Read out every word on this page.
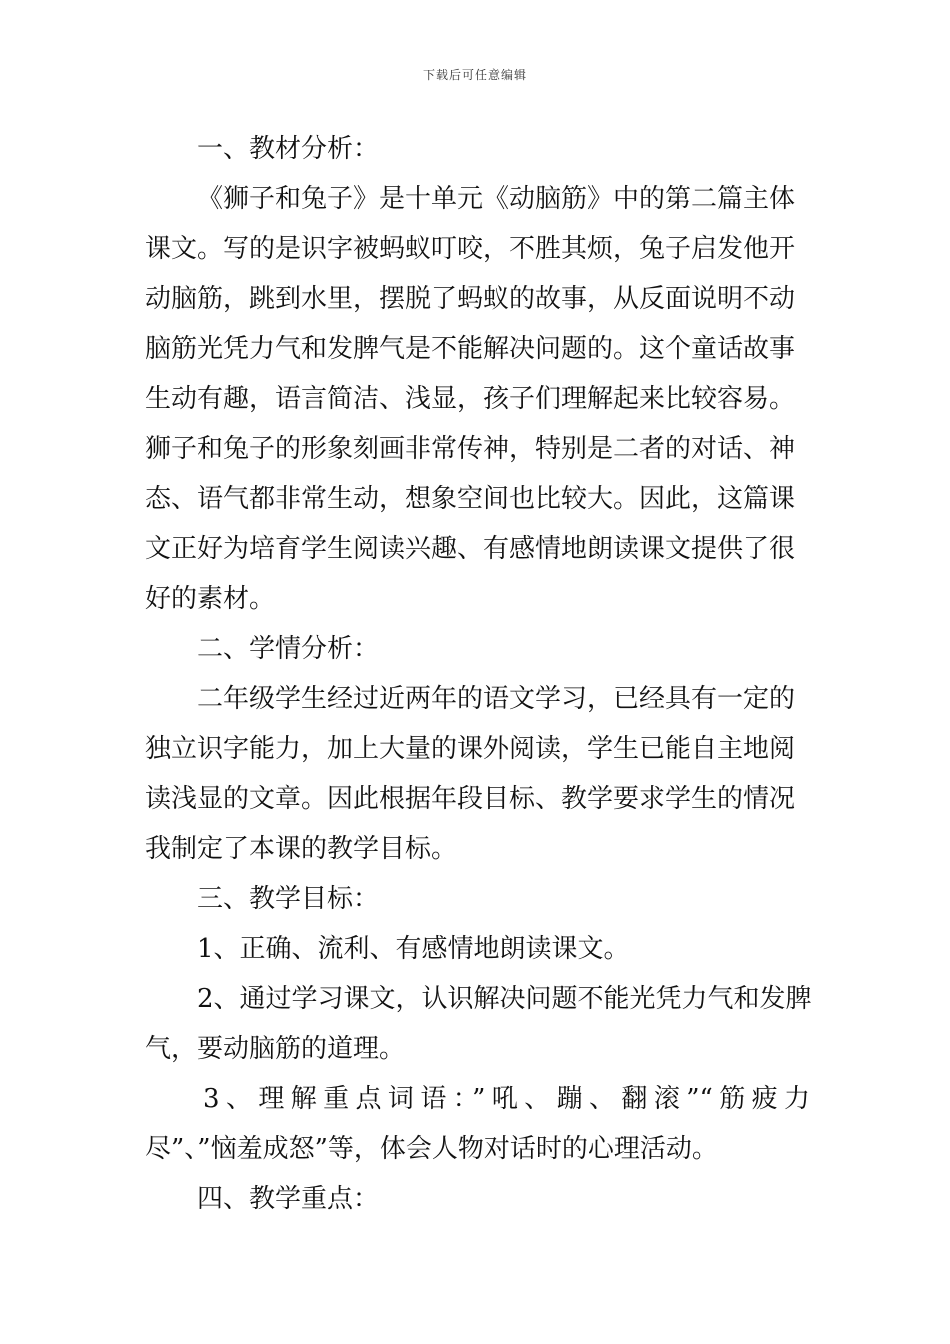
下载后可任意编辑
一、教材分析：
《狮子和兔子》是十单元《动脑筋》中的第二篇主体
课文。写的是识字被蚂蚁叮咬，不胜其烦，兔子启发他开
动脑筋，跳到水里，摆脱了蚂蚁的故事，从反面说明不动
脑筋光凭力气和发脾气是不能解决问题的。这个童话故事
生动有趣，语言简洁、浅显，孩子们理解起来比较容易。
狮子和兔子的形象刻画非常传神，特别是二者的对话、神
态、语气都非常生动，想象空间也比较大。因此，这篇课
文正好为培育学生阅读兴趣、有感情地朗读课文提供了很
好的素材。
二、学情分析：
二年级学生经过近两年的语文学习，已经具有一定的
独立识字能力，加上大量的课外阅读，学生已能自主地阅
读浅显的文章。因此根据年段目标、教学要求学生的情况
我制定了本课的教学目标。
三、教学目标：
1、正确、流利、有感情地朗读课文。
2、通过学习课文，认识解决问题不能光凭力气和发脾
气，要动脑筋的道理。
3、理解重点词语：”吼、蹦、翻滚”“筋疲力
尽”、”恼羞成怒”等，体会人物对话时的心理活动。
四、教学重点：
